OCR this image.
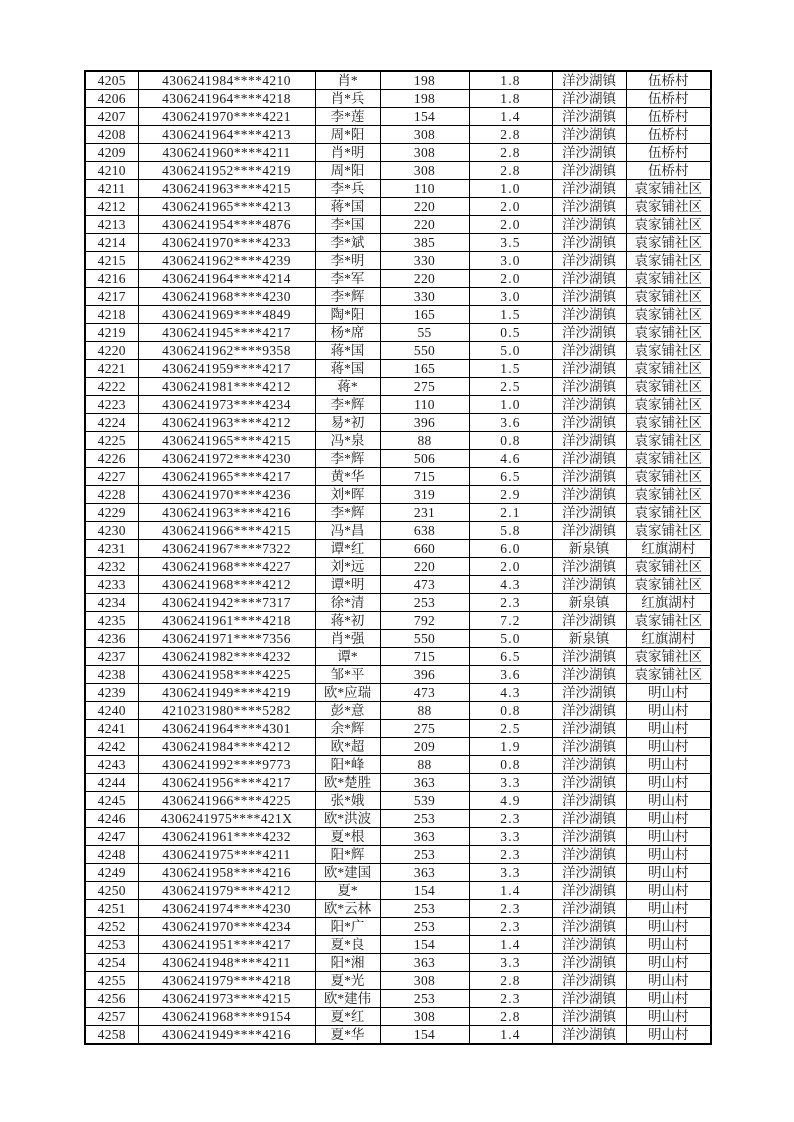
4205	4306241984****4210	肖*	198	1.8	洋沙湖镇	伍桥村
4206	4306241964****4218	肖*兵	198	1.8	洋沙湖镇	伍桥村
4207	4306241970****4221	李*莲	154	1.4	洋沙湖镇	伍桥村
4208	4306241964****4213	周*阳	308	2.8	洋沙湖镇	伍桥村
4209	4306241960****4211	肖*明	308	2.8	洋沙湖镇	伍桥村
4210	4306241952****4219	周*阳	308	2.8	洋沙湖镇	伍桥村
4211	4306241963****4215	李*兵	110	1.0	洋沙湖镇	袁家铺社区
4212	4306241965****4213	蒋*国	220	2.0	洋沙湖镇	袁家铺社区
4213	4306241954****4876	李*国	220	2.0	洋沙湖镇	袁家铺社区
4214	4306241970****4233	李*斌	385	3.5	洋沙湖镇	袁家铺社区
4215	4306241962****4239	李*明	330	3.0	洋沙湖镇	袁家铺社区
4216	4306241964****4214	李*军	220	2.0	洋沙湖镇	袁家铺社区
4217	4306241968****4230	李*辉	330	3.0	洋沙湖镇	袁家铺社区
4218	4306241969****4849	陶*阳	165	1.5	洋沙湖镇	袁家铺社区
4219	4306241945****4217	杨*席	55	0.5	洋沙湖镇	袁家铺社区
4220	4306241962****9358	蒋*国	550	5.0	洋沙湖镇	袁家铺社区
4221	4306241959****4217	蒋*国	165	1.5	洋沙湖镇	袁家铺社区
4222	4306241981****4212	蒋*	275	2.5	洋沙湖镇	袁家铺社区
4223	4306241973****4234	李*辉	110	1.0	洋沙湖镇	袁家铺社区
4224	4306241963****4212	易*初	396	3.6	洋沙湖镇	袁家铺社区
4225	4306241965****4215	冯*泉	88	0.8	洋沙湖镇	袁家铺社区
4226	4306241972****4230	李*辉	506	4.6	洋沙湖镇	袁家铺社区
4227	4306241965****4217	黄*华	715	6.5	洋沙湖镇	袁家铺社区
4228	4306241970****4236	刘*晖	319	2.9	洋沙湖镇	袁家铺社区
4229	4306241963****4216	李*辉	231	2.1	洋沙湖镇	袁家铺社区
4230	4306241966****4215	冯*昌	638	5.8	洋沙湖镇	袁家铺社区
4231	4306241967****7322	谭*红	660	6.0	新泉镇	红旗湖村
4232	4306241968****4227	刘*远	220	2.0	洋沙湖镇	袁家铺社区
4233	4306241968****4212	谭*明	473	4.3	洋沙湖镇	袁家铺社区
4234	4306241942****7317	徐*清	253	2.3	新泉镇	红旗湖村
4235	4306241961****4218	蒋*初	792	7.2	洋沙湖镇	袁家铺社区
4236	4306241971****7356	肖*强	550	5.0	新泉镇	红旗湖村
4237	4306241982****4232	谭*	715	6.5	洋沙湖镇	袁家铺社区
4238	4306241958****4225	邹*平	396	3.6	洋沙湖镇	袁家铺社区
4239	4306241949****4219	欧*应瑞	473	4.3	洋沙湖镇	明山村
4240	4210231980****5282	彭*意	88	0.8	洋沙湖镇	明山村
4241	4306241964****4301	余*辉	275	2.5	洋沙湖镇	明山村
4242	4306241984****4212	欧*超	209	1.9	洋沙湖镇	明山村
4243	4306241992****9773	阳*峰	88	0.8	洋沙湖镇	明山村
4244	4306241956****4217	欧*楚胜	363	3.3	洋沙湖镇	明山村
4245	4306241966****4225	张*娥	539	4.9	洋沙湖镇	明山村
4246	4306241975****421X	欧*洪波	253	2.3	洋沙湖镇	明山村
4247	4306241961****4232	夏*根	363	3.3	洋沙湖镇	明山村
4248	4306241975****4211	阳*辉	253	2.3	洋沙湖镇	明山村
4249	4306241958****4216	欧*建国	363	3.3	洋沙湖镇	明山村
4250	4306241979****4212	夏*	154	1.4	洋沙湖镇	明山村
4251	4306241974****4230	欧*云林	253	2.3	洋沙湖镇	明山村
4252	4306241970****4234	阳*广	253	2.3	洋沙湖镇	明山村
4253	4306241951****4217	夏*良	154	1.4	洋沙湖镇	明山村
4254	4306241948****4211	阳*湘	363	3.3	洋沙湖镇	明山村
4255	4306241979****4218	夏*光	308	2.8	洋沙湖镇	明山村
4256	4306241973****4215	欧*建伟	253	2.3	洋沙湖镇	明山村
4257	4306241968****9154	夏*红	308	2.8	洋沙湖镇	明山村
4258	4306241949****4216	夏*华	154	1.4	洋沙湖镇	明山村
